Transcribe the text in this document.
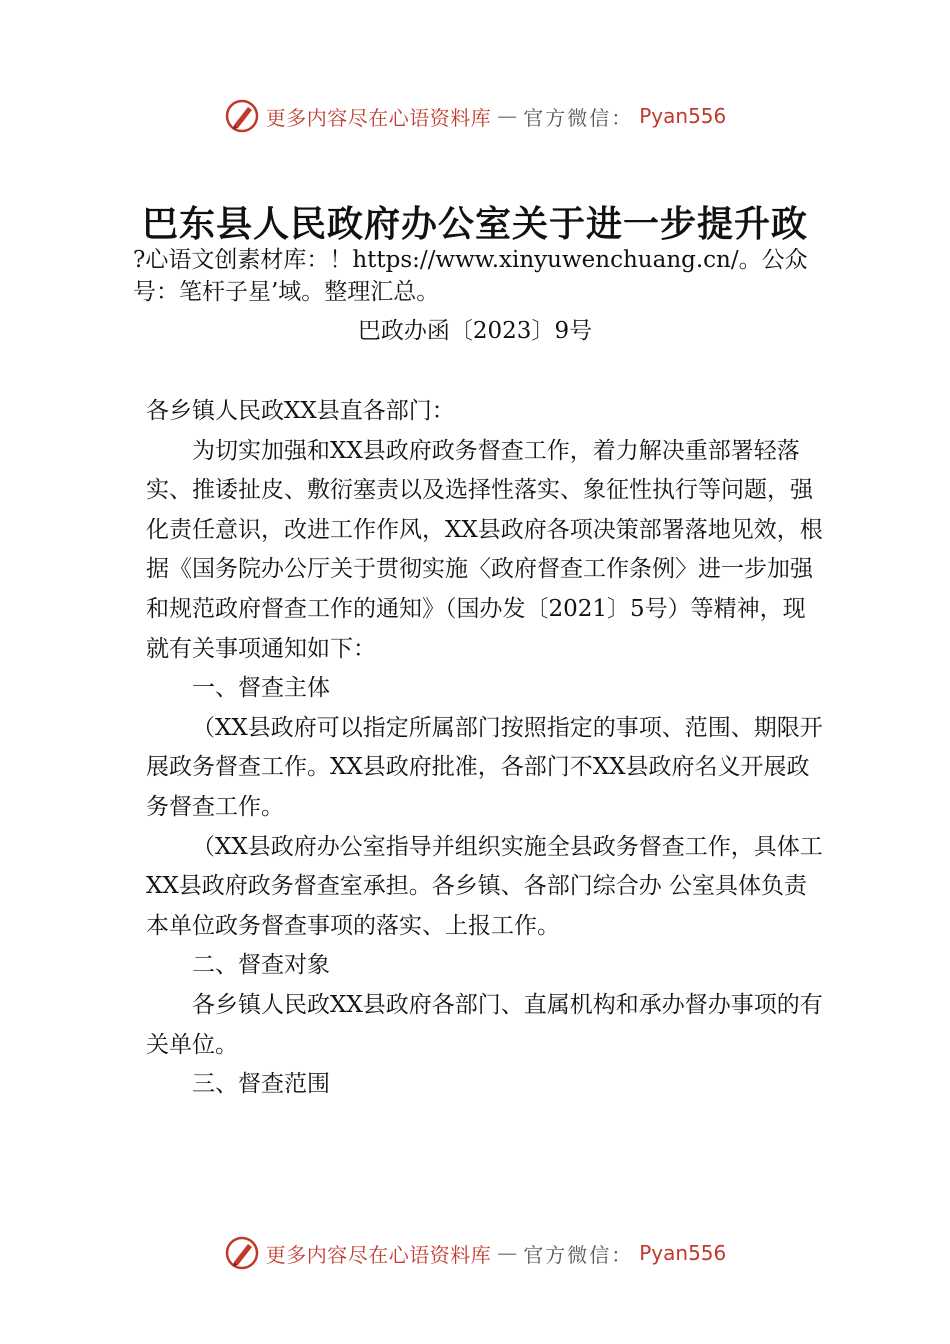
更多内容尽在心语资料库 — 官方微信： Pyan556
巴东县人民政府办公室关于进一步提升政

?心语文创素材库：！https://www.xinyuwenchuang.cn/。公众号：笔杆子星’域。整理汇总。

巴政办函〔2023〕9号

各乡镇人民政XX县直各部门：

为切实加强和XX县政府政务督查工作，着力解决重部署轻落实、推诿扯皮、敷衍塞责以及选择性落实、象征性执行等问题，强化责任意识，改进工作作风，XX县政府各项决策部署落地见效，根据《国务院办公厅关于贯彻实施〈政府督查工作条例〉进一步加强和规范政府督查工作的通知》（国办发〔2021〕5号）等精神，现就有关事项通知如下：

一、督查主体

（XX县政府可以指定所属部门按照指定的事项、范围、期限开展政务督查工作。XX县政府批准，各部门不XX县政府名义开展政务督查工作。

（XX县政府办公室指导并组织实施全县政务督查工作，具体工XX县政府政务督查室承担。各乡镇、各部门综合办 公室具体负责本单位政务督查事项的落实、上报工作。

二、督查对象

各乡镇人民政XX县政府各部门、直属机构和承办督办事项的有关单位。

三、督查范围

更多内容尽在心语资料库 — 官方微信： Pyan556
